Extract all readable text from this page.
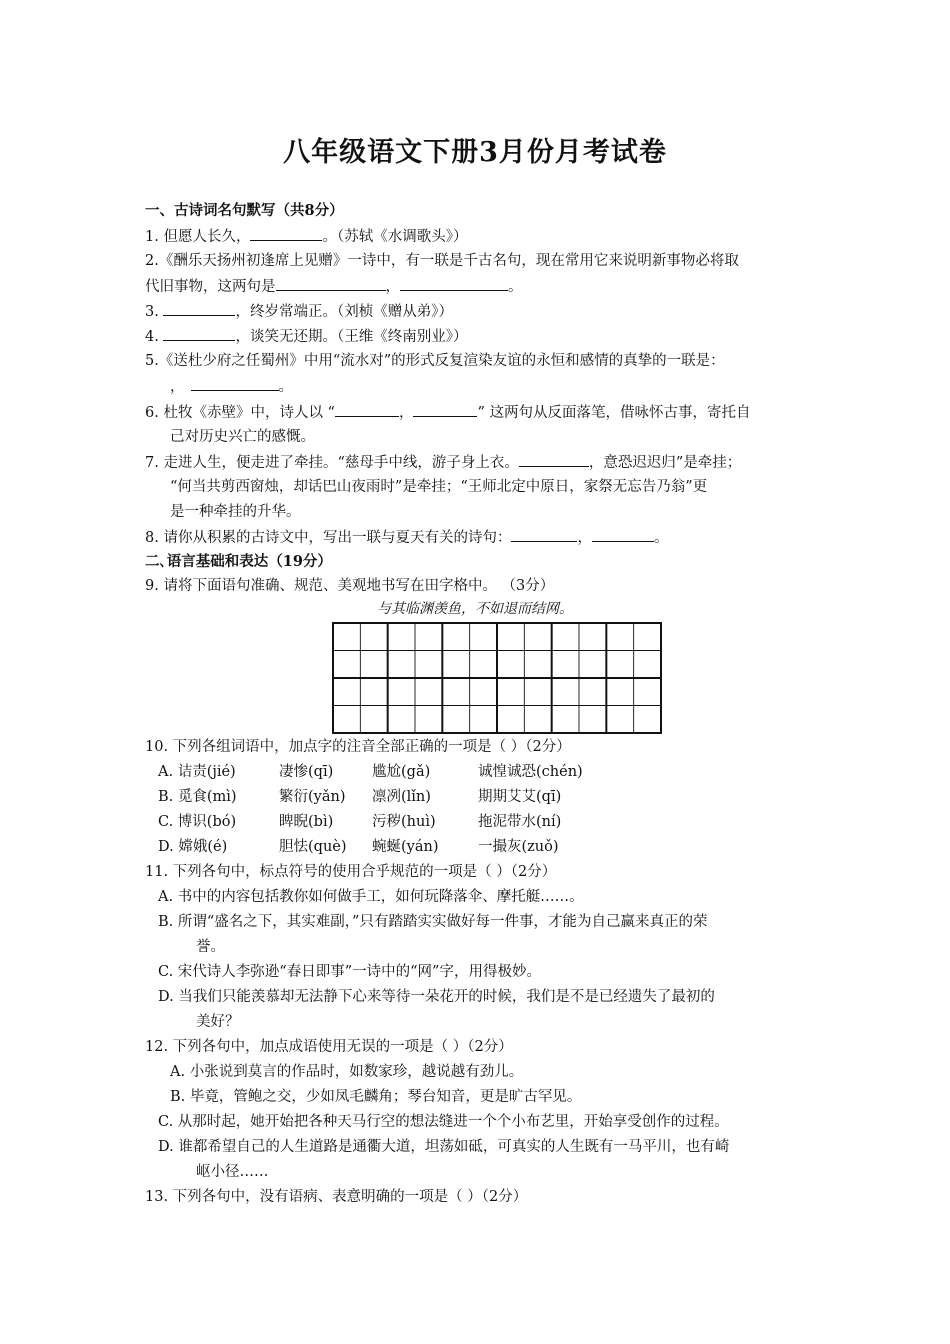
八年级语文下册3月份月考试卷
一、古诗词名句默写（共8分）
1. 但愿人长久，	。（苏轼《水调歌头》）
2.《酬乐天扬州初逢席上见赠》一诗中，有一联是千古名句，现在常用它来说明新事物必将取
代旧事物，这两句是	，	。
3.	，终岁常端正。（刘桢《赠从弟》）
4.	，谈笑无还期。（王维《终南别业》）
5.《送杜少府之任蜀州》中用“流水对”的形式反复渲染友谊的永恒和感情的真挚的一联是：
，	。
6. 杜牧《赤壁》中，诗人以 “	，	” 这两句从反面落笔，借咏怀古事，寄托自
己对历史兴亡的感慨。
7. 走进人生，便走进了牵挂。“慈母手中线，游子身上衣。	，意恐迟迟归”是牵挂；
“何当共剪西窗烛，却话巴山夜雨时”是牵挂；“王师北定中原日，家祭无忘告乃翁”更
是一种牵挂的升华。
8. 请你从积累的古诗文中，写出一联与夏天有关的诗句：	，	。
二､语言基础和表达（19分）
9. 请将下面语句准确、规范、美观地书写在田字格中。 （3分）
与其临渊羡鱼，不如退而结网。
10. 下列各组词语中，加点字的注音全部正确的一项是（ ）（2分）
A. 诘责(jié)	凄惨(qī)	尴尬(gǎ)	诚惶诚恐(chén)
B. 觅食(mì)	繁衍(yǎn) 凛冽(lǐn)	期期艾艾(qī)
C. 博识(bó)	睥睨(bì)	污秽(huì)	拖泥带水(ní)
D. 嫦娥(é)	胆怯(què) 蜿蜒(yán)	一撮灰(zuǒ)
11. 下列各句中，标点符号的使用合乎规范的一项是（ ）（2分）
A. 书中的内容包括教你如何做手工，如何玩降落伞、摩托艇……。
B. 所谓“盛名之下，其实难副，”只有踏踏实实做好每一件事，才能为自己赢来真正的荣
誉。
C. 宋代诗人李弥逊“春日即事”一诗中的“网”字，用得极妙。
D. 当我们只能羡慕却无法静下心来等待一朵花开的时候，我们是不是已经遗失了最初的
美好？
12. 下列各句中，加点成语使用无误的一项是（ ）（2分）
A. 小张说到莫言的作品时，如数家珍，越说越有劲儿。
B. 毕竟，管鲍之交，少如凤毛麟角；琴台知音，更是旷古罕见。
C. 从那时起，她开始把各种天马行空的想法缝进一个个小布艺里，开始享受创作的过程。
D. 谁都希望自己的人生道路是通衢大道，坦荡如砥，可真实的人生既有一马平川，也有崎
岖小径……
13. 下列各句中，没有语病、表意明确的一项是（ ）（2分）
